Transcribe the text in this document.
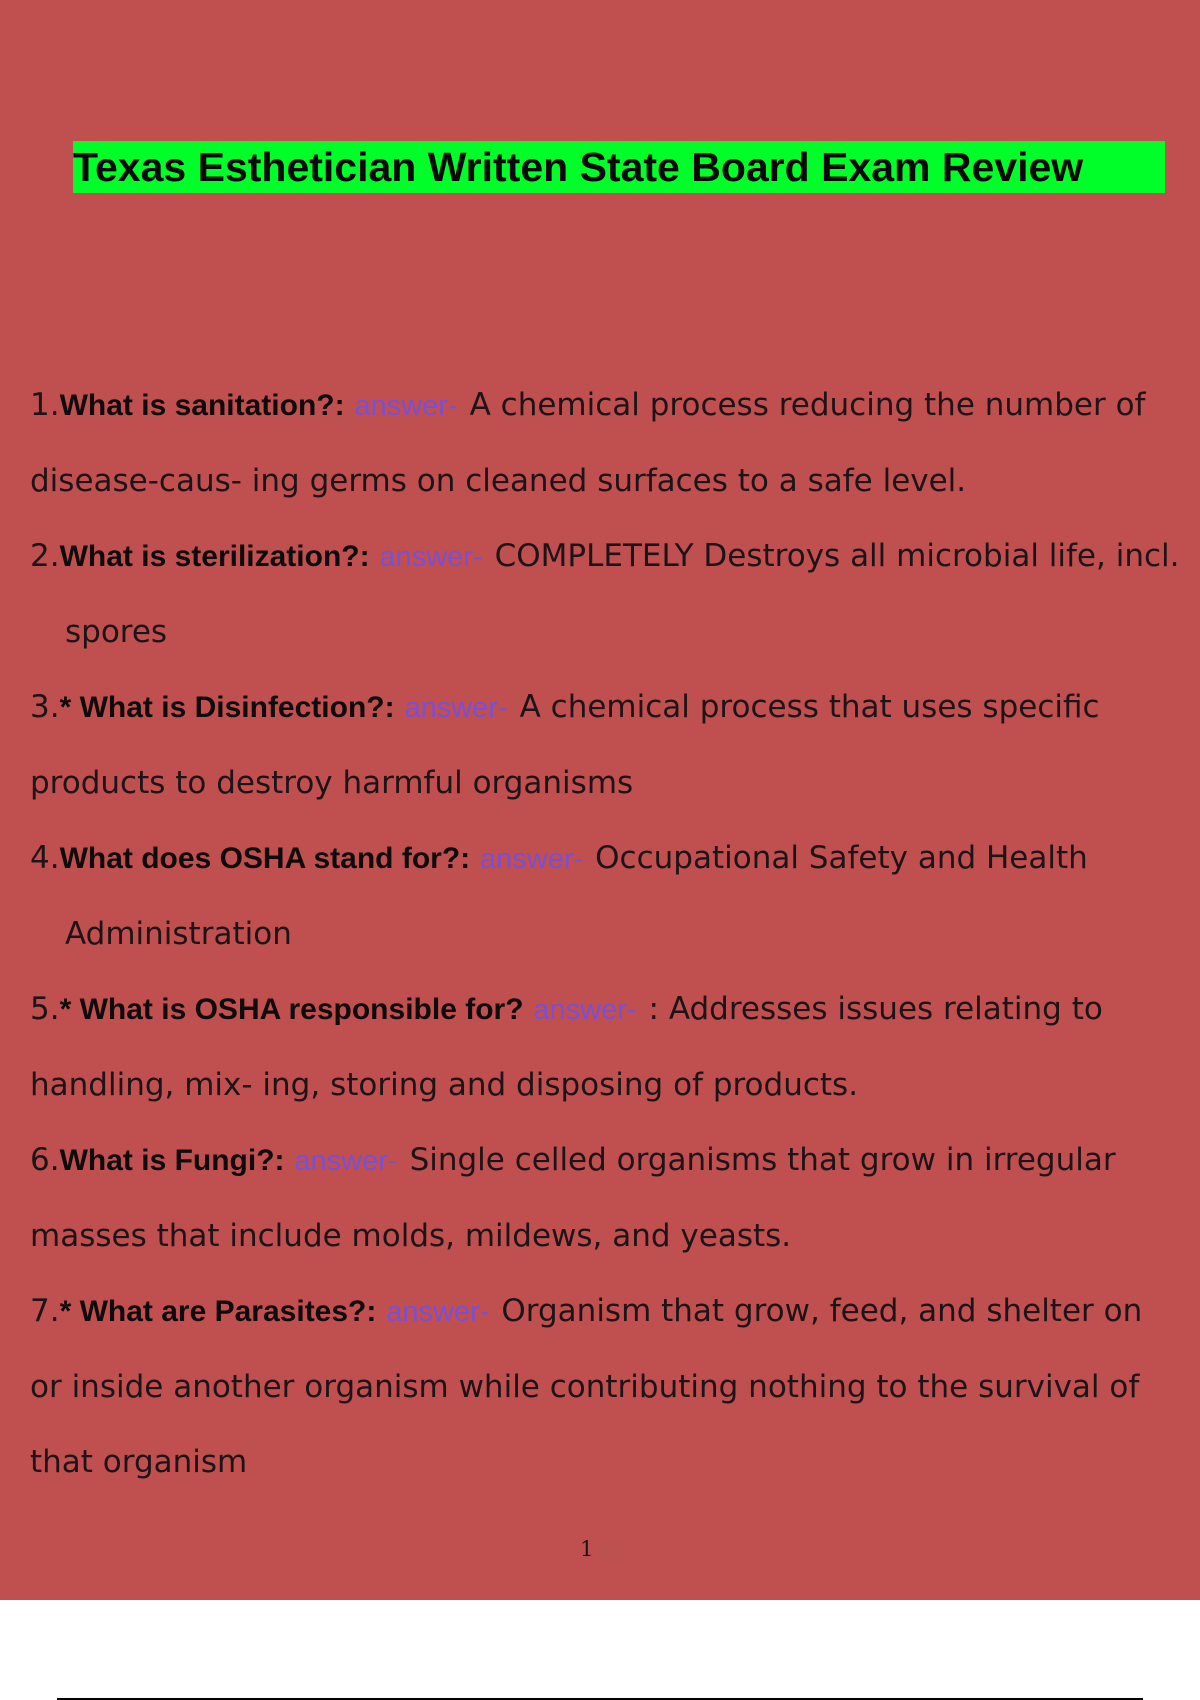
Texas Esthetician Written State Board Exam Review
1.What is sanitation?: answer- A chemical process reducing the number of disease-caus- ing germs on cleaned surfaces to a safe level.
2.What is sterilization?: answer- COMPLETELY Destroys all microbial life, incl. spores
3.* What is Disinfection?: answer- A chemical process that uses specific products to destroy harmful organisms
4.What does OSHA stand for?: answer- Occupational Safety and Health Administration
5.* What is OSHA responsible for? answer- : Addresses issues relating to handling, mix- ing, storing and disposing of products.
6.What is Fungi?: answer- Single celled organisms that grow in irregular masses that include molds, mildews, and yeasts.
7.* What are Parasites?: answer- Organism that grow, feed, and shelter on or inside another organism while contributing nothing to the survival of that organism
1 10
